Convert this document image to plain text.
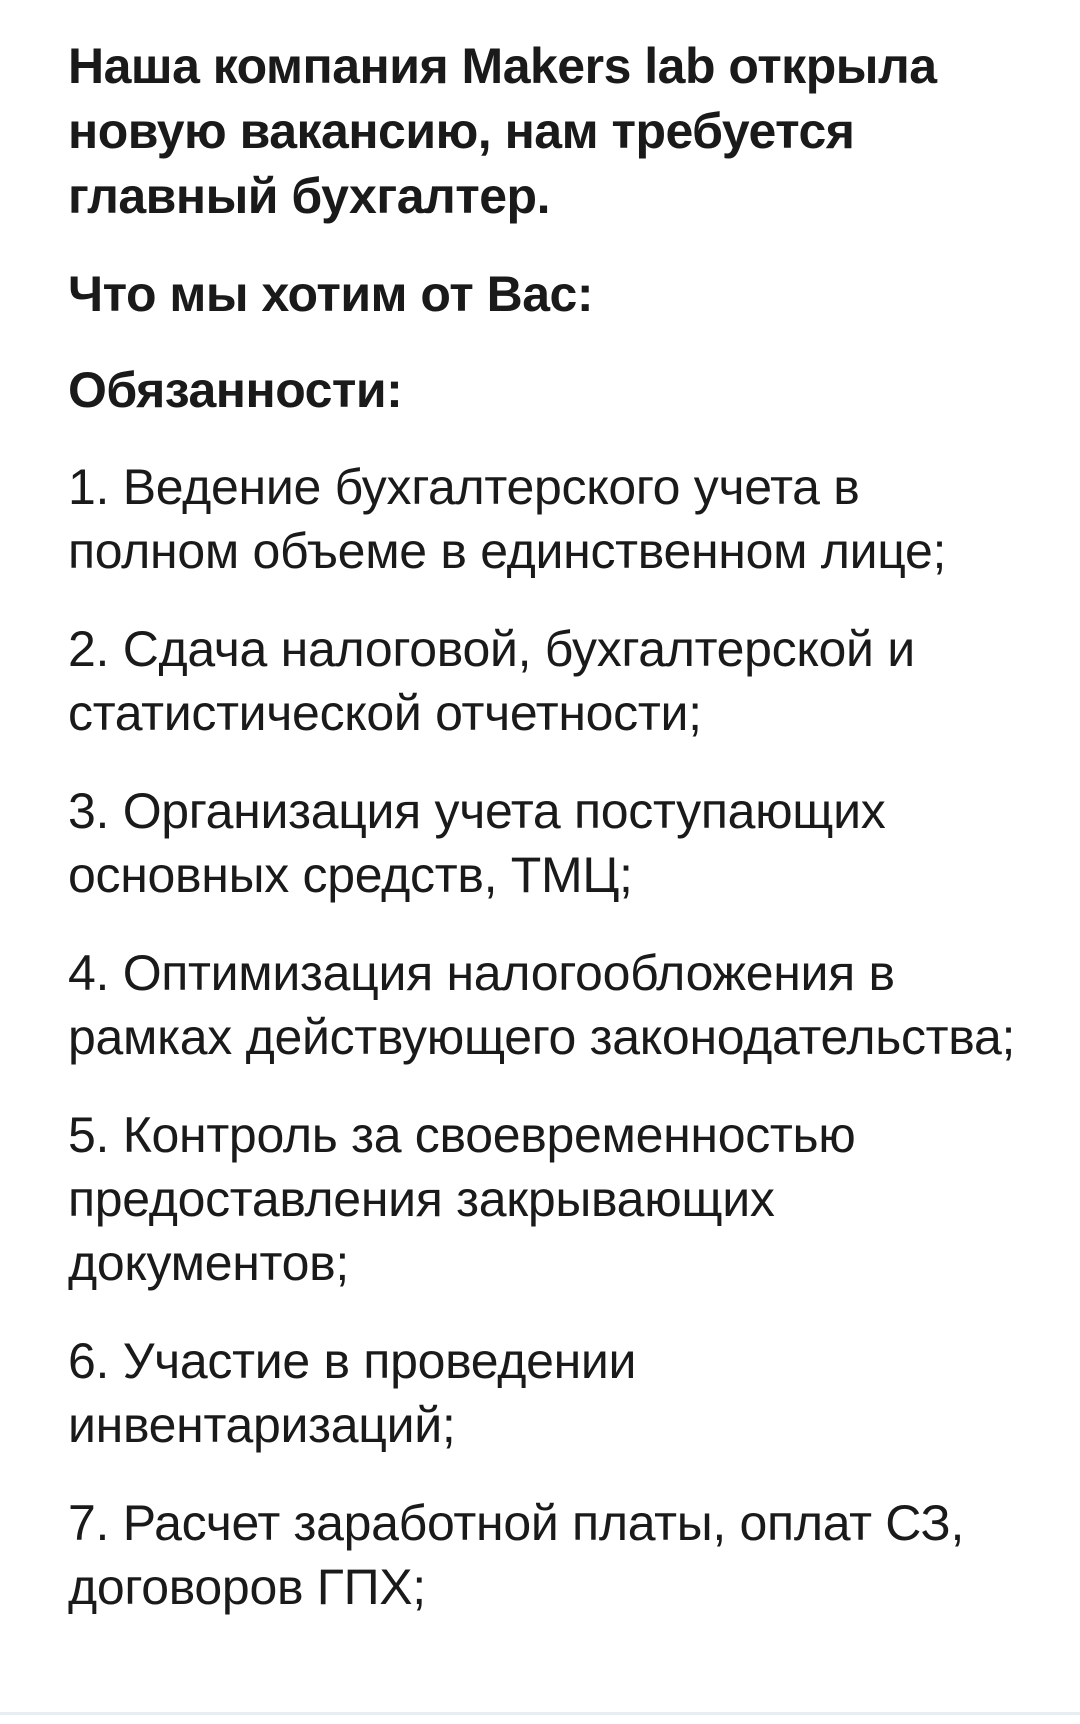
Наша компания Makers lab открыла новую вакансию, нам требуется главный бухгалтер.

Что мы хотим от Вас:

Обязанности:

1. Ведение бухгалтерского учета в полном объеме в единственном лице;

2. Сдача налоговой, бухгалтерской и статистической отчетности;

3. Организация учета поступающих основных средств, ТМЦ;

4. Оптимизация налогообложения в рамках действующего законодательства;

5. Контроль за своевременностью предоставления закрывающих документов;

6. Участие в проведении инвентаризаций;

7. Расчет заработной платы, оплат СЗ, договоров ГПХ;
